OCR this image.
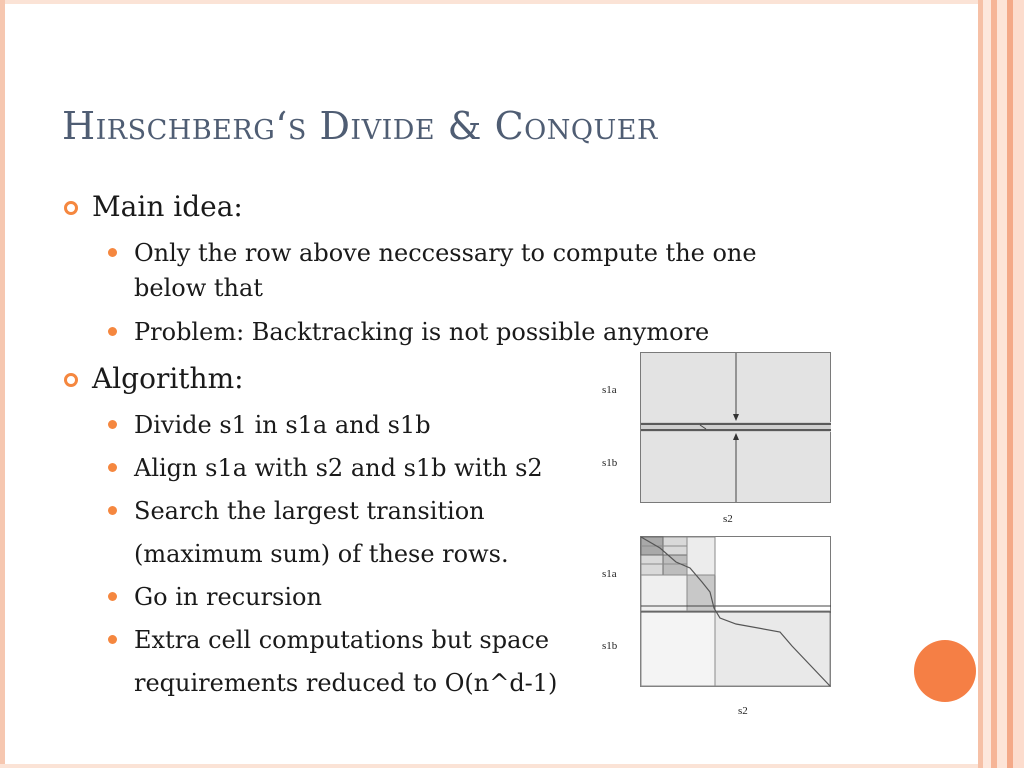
Hirschberg‘s Divide & Conquer
Main idea:
Only the row above neccessary to compute the one
below that
Problem: Backtracking is not possible anymore
Algorithm:
Divide s1 in s1a and s1b
Align s1a with s2 and s1b with s2
Search the largest transition
(maximum sum) of these rows.
Go in recursion
Extra cell computations but space
requirements reduced to O(n^d-1)
s1a
s1b
s2
s1a
s1b
s2
